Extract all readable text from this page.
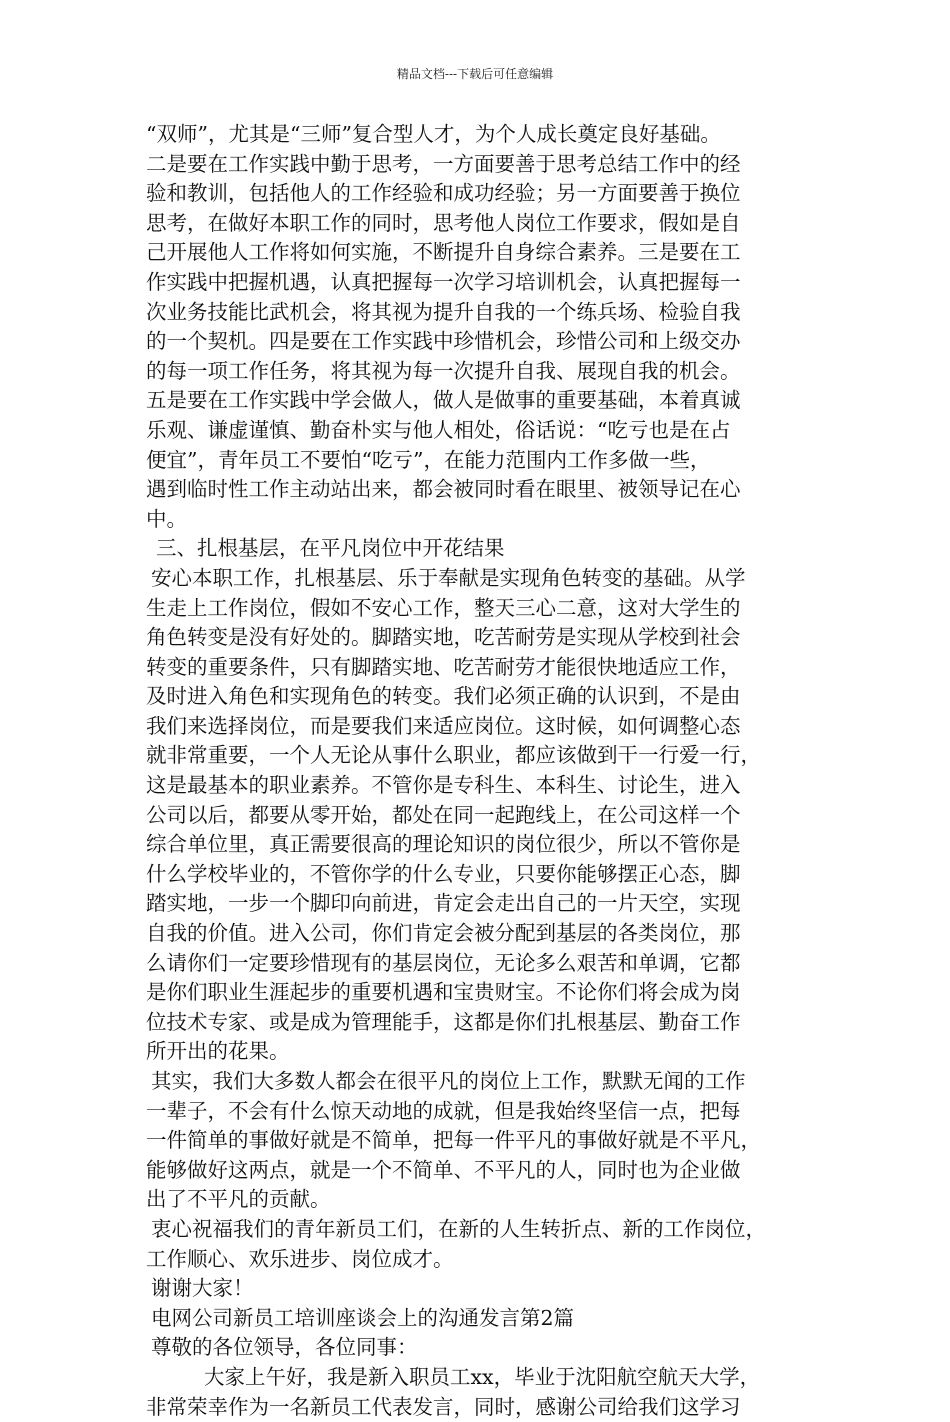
精品文档---下载后可任意编辑
“双师”，尤其是“三师”复合型人才，为个人成长奠定良好基础。
二是要在工作实践中勤于思考，一方面要善于思考总结工作中的经
验和教训，包括他人的工作经验和成功经验；另一方面要善于换位
思考，在做好本职工作的同时，思考他人岗位工作要求，假如是自
己开展他人工作将如何实施，不断提升自身综合素养。三是要在工
作实践中把握机遇，认真把握每一次学习培训机会，认真把握每一
次业务技能比武机会，将其视为提升自我的一个练兵场、检验自我
的一个契机。四是要在工作实践中珍惜机会，珍惜公司和上级交办
的每一项工作任务，将其视为每一次提升自我、展现自我的机会。
五是要在工作实践中学会做人，做人是做事的重要基础，本着真诚
乐观、谦虚谨慎、勤奋朴实与他人相处，俗话说：“吃亏也是在占
便宜”，青年员工不要怕“吃亏”，在能力范围内工作多做一些，
遇到临时性工作主动站出来，都会被同时看在眼里、被领导记在心
中。
三、扎根基层，在平凡岗位中开花结果
安心本职工作，扎根基层、乐于奉献是实现角色转变的基础。从学
生走上工作岗位，假如不安心工作，整天三心二意，这对大学生的
角色转变是没有好处的。脚踏实地，吃苦耐劳是实现从学校到社会
转变的重要条件，只有脚踏实地、吃苦耐劳才能很快地适应工作，
及时进入角色和实现角色的转变。我们必须正确的认识到，不是由
我们来选择岗位，而是要我们来适应岗位。这时候，如何调整心态
就非常重要，一个人无论从事什么职业，都应该做到干一行爱一行，
这是最基本的职业素养。不管你是专科生、本科生、讨论生，进入
公司以后，都要从零开始，都处在同一起跑线上，在公司这样一个
综合单位里，真正需要很高的理论知识的岗位很少，所以不管你是
什么学校毕业的，不管你学的什么专业，只要你能够摆正心态，脚
踏实地，一步一个脚印向前进，肯定会走出自己的一片天空，实现
自我的价值。进入公司，你们肯定会被分配到基层的各类岗位，那
么请你们一定要珍惜现有的基层岗位，无论多么艰苦和单调，它都
是你们职业生涯起步的重要机遇和宝贵财宝。不论你们将会成为岗
位技术专家、或是成为管理能手，这都是你们扎根基层、勤奋工作
所开出的花果。
其实，我们大多数人都会在很平凡的岗位上工作，默默无闻的工作
一辈子，不会有什么惊天动地的成就，但是我始终坚信一点，把每
一件简单的事做好就是不简单，把每一件平凡的事做好就是不平凡，
能够做好这两点，就是一个不简单、不平凡的人，同时也为企业做
出了不平凡的贡献。
衷心祝福我们的青年新员工们，在新的人生转折点、新的工作岗位，
工作顺心、欢乐进步、岗位成才。
谢谢大家！
电网公司新员工培训座谈会上的沟通发言第2篇
尊敬的各位领导，各位同事：
大家上午好，我是新入职员工xx，毕业于沈阳航空航天大学，
非常荣幸作为一名新员工代表发言，同时，感谢公司给我们这学习
